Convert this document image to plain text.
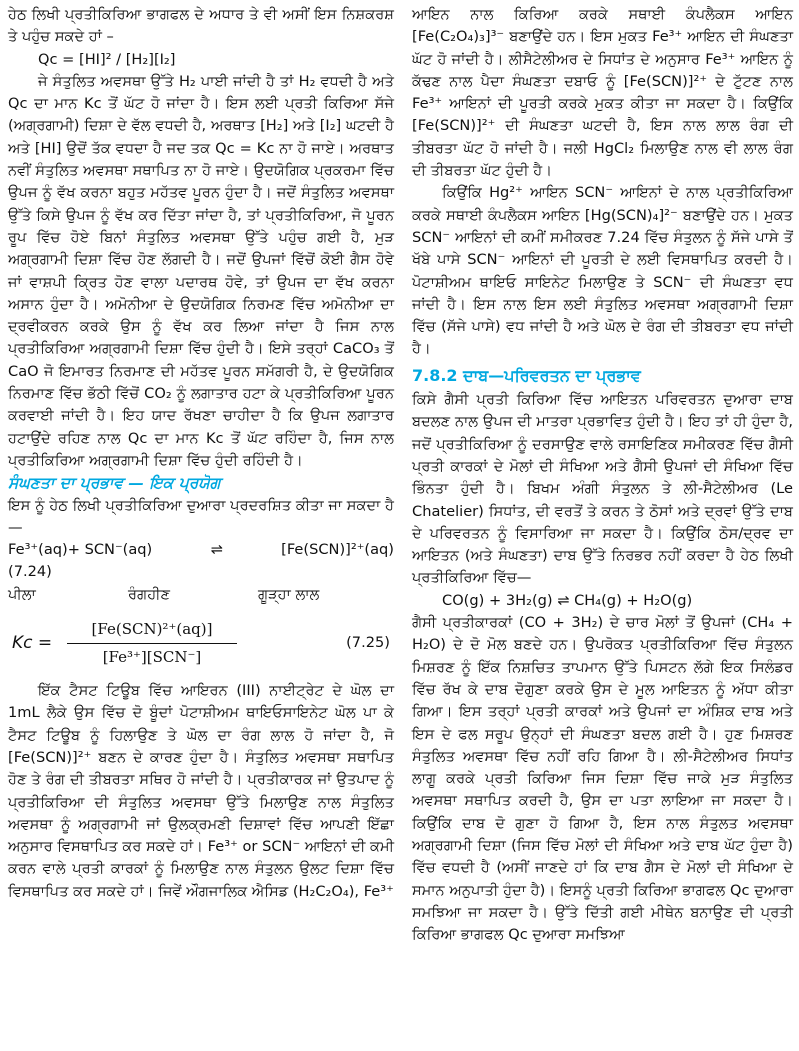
ਹੇਠ ਲਿਖੀ ਪ੍ਰਤੀਕਿਰਿਆ ਭਾਗਫਲ ਦੇ ਅਧਾਰ ਤੇ ਵੀ ਅਸੀਂ ਇਸ ਨਿਸ਼ਕਰਸ਼ ਤੇ ਪਹੁੰਚ ਸਕਦੇ ਹਾਂ –

Qc = [HI]² / [H₂][I₂]

ਜੇ ਸੰਤੁਲਿਤ ਅਵਸਥਾ ਉੱਤੇ H₂ ਪਾਈ ਜਾਂਦੀ ਹੈ ਤਾਂ H₂ ਵਧਦੀ ਹੈ ਅਤੇ Qc ਦਾ ਮਾਨ Kc ਤੋਂ ਘੱਟ ਹੋ ਜਾਂਦਾ ਹੈ। ਇਸ ਲਈ ਪ੍ਰਤੀ ਕਿਰਿਆ ਸੱਜੇ (ਅਗ੍ਰਗਾਮੀ) ਦਿਸ਼ਾ ਦੇ ਵੱਲ ਵਧਦੀ ਹੈ, ਅਰਥਾਤ [H₂] ਅਤੇ [I₂] ਘਟਦੀ ਹੈ ਅਤੇ [HI] ਉਦੋਂ ਤੱਕ ਵਧਦਾ ਹੈ ਜਦ ਤਕ Qc = Kc ਨਾ ਹੋ ਜਾਏ। ਅਰਥਾਤ ਨਵੀਂ ਸੰਤੁਲਿਤ ਅਵਸਥਾ ਸਥਾਪਿਤ ਨਾ ਹੋ ਜਾਏ। ਉਦਯੋਗਿਕ ਪ੍ਰਕਰਮਾ ਵਿੱਚ ਉਪਜ ਨੂੰ ਵੱਖ ਕਰਨਾ ਬਹੁਤ ਮਹੱਤਵ ਪੂਰਨ ਹੁੰਦਾ ਹੈ। ਜਦੋਂ ਸੰਤੁਲਿਤ ਅਵਸਥਾ ਉੱਤੇ ਕਿਸੇ ਉਪਜ ਨੂੰ ਵੱਖ ਕਰ ਦਿੱਤਾ ਜਾਂਦਾ ਹੈ, ਤਾਂ ਪ੍ਰਤੀਕਿਰਿਆ, ਜੋ ਪੂਰਨ ਰੂਪ ਵਿੱਚ ਹੋਏ ਬਿਨਾਂ ਸੰਤੁਲਿਤ ਅਵਸਥਾ ਉੱਤੇ ਪਹੁੰਚ ਗਈ ਹੈ, ਮੁੜ ਅਗ੍ਰਗਾਮੀ ਦਿਸ਼ਾ ਵਿੱਚ ਹੋਣ ਲੱਗਦੀ ਹੈ। ਜਦੋਂ ਉਪਜਾਂ ਵਿੱਚੋਂ ਕੋਈ ਗੈਸ ਹੋਵੇ ਜਾਂ ਵਾਸ਼ਪੀ ਕ੍ਰਿਤ ਹੋਣ ਵਾਲਾ ਪਦਾਰਥ ਹੋਵੇ, ਤਾਂ ਉਪਜ ਦਾ ਵੱਖ ਕਰਨਾ ਅਸਾਨ ਹੁੰਦਾ ਹੈ। ਅਮੋਨੀਆ ਦੇ ਉਦਯੋਗਿਕ ਨਿਰਮਣ ਵਿੱਚ ਅਮੋਨੀਆ ਦਾ ਦ੍ਰਵੀਕਰਨ ਕਰਕੇ ਉਸ ਨੂੰ ਵੱਖ ਕਰ ਲਿਆ ਜਾਂਦਾ ਹੈ ਜਿਸ ਨਾਲ ਪ੍ਰਤੀਕਿਰਿਆ ਅਗ੍ਰਗਾਮੀ ਦਿਸ਼ਾ ਵਿੱਚ ਹੁੰਦੀ ਹੈ। ਇਸੇ ਤਰ੍ਹਾਂ CaCO₃ ਤੋਂ CaO ਜੋ ਇਮਾਰਤ ਨਿਰਮਾਣ ਦੀ ਮਹੱਤਵ ਪੂਰਨ ਸਮੱਗਰੀ ਹੈ, ਦੇ ਉਦਯੋਗਿਕ ਨਿਰਮਾਣ ਵਿੱਚ ਭੱਠੀ ਵਿੱਚੋਂ CO₂ ਨੂੰ ਲਗਾਤਾਰ ਹਟਾ ਕੇ ਪ੍ਰਤੀਕਿਰਿਆ ਪੂਰਨ ਕਰਵਾਈ ਜਾਂਦੀ ਹੈ। ਇਹ ਯਾਦ ਰੱਖਣਾ ਚਾਹੀਦਾ ਹੈ ਕਿ ਉਪਜ ਲਗਾਤਾਰ ਹਟਾਉਂਦੇ ਰਹਿਣ ਨਾਲ Qc ਦਾ ਮਾਨ Kc ਤੋਂ ਘੱਟ ਰਹਿੰਦਾ ਹੈ, ਜਿਸ ਨਾਲ ਪ੍ਰਤੀਕਿਰਿਆ ਅਗ੍ਰਗਾਮੀ ਦਿਸ਼ਾ ਵਿੱਚ ਹੁੰਦੀ ਰਹਿੰਦੀ ਹੈ।

ਸੰਘਣਤਾ ਦਾ ਪ੍ਰਭਾਵ — ਇਕ ਪ੍ਰਯੋਗ

ਇਸ ਨੂੰ ਹੇਠ ਲਿਖੀ ਪ੍ਰਤੀਕਿਰਿਆ ਦੁਆਰਾ ਪ੍ਰਦਰਸ਼ਿਤ ਕੀਤਾ ਜਾ ਸਕਦਾ ਹੈ —

Fe³⁺(aq)+ SCN⁻(aq)	⇌	[Fe(SCN)]²⁺(aq)
(7.24)
ਪੀਲਾ	ਰੰਗਹੀਣ	ਗੂੜ੍ਹਾ ਲਾਲ
$Kc = \frac{\text{[Fe(SCN)²⁺(aq)]}}{\text{[Fe³⁺][SCN⁻]}}$	(7.25)

ਇੱਕ ਟੈਸਟ ਟਿਊਬ ਵਿੱਚ ਆਇਰਨ (III) ਨਾਈਟ੍ਰੇਟ ਦੇ ਘੋਲ ਦਾ 1mL ਲੈਕੇ ਉਸ ਵਿੱਚ ਦੋ ਬੂੰਦਾਂ ਪੋਟਾਸ਼ੀਅਮ ਥਾਇਓਸਾਇਨੇਟ ਘੋਲ ਪਾ ਕੇ ਟੈਸਟ ਟਿਊਬ ਨੂੰ ਹਿਲਾਉਣ ਤੇ ਘੋਲ ਦਾ ਰੰਗ ਲਾਲ ਹੋ ਜਾਂਦਾ ਹੈ, ਜੋ [Fe(SCN)]²⁺ ਬਣਨ ਦੇ ਕਾਰਣ ਹੁੰਦਾ ਹੈ। ਸੰਤੁਲਿਤ ਅਵਸਥਾ ਸਥਾਪਿਤ ਹੋਣ ਤੇ ਰੰਗ ਦੀ ਤੀਬਰਤਾ ਸਥਿਰ ਹੋ ਜਾਂਦੀ ਹੈ। ਪ੍ਰਤੀਕਾਰਕ ਜਾਂ ਉਤਪਾਦ ਨੂੰ ਪ੍ਰਤੀਕਿਰਿਆ ਦੀ ਸੰਤੁਲਿਤ ਅਵਸਥਾ ਉੱਤੇ ਮਿਲਾਉਣ ਨਾਲ ਸੰਤੁਲਿਤ ਅਵਸਥਾ ਨੂੰ ਅਗ੍ਰਗਾਮੀ ਜਾਂ ਉਲਕ੍ਰਮਣੀ ਦਿਸ਼ਾਵਾਂ ਵਿੱਚ ਆਪਣੀ ਇੱਛਾ ਅਨੁਸਾਰ ਵਿਸਥਾਪਿਤ ਕਰ ਸਕਦੇ ਹਾਂ। Fe³⁺ or SCN⁻ ਆਇਨਾਂ ਦੀ ਕਮੀ ਕਰਨ ਵਾਲੇ ਪ੍ਰਤੀ ਕਾਰਕਾਂ ਨੂੰ ਮਿਲਾਉਣ ਨਾਲ ਸੰਤੁਲਨ ਉਲਟ ਦਿਸ਼ਾ ਵਿੱਚ ਵਿਸਥਾਪਿਤ ਕਰ ਸਕਦੇ ਹਾਂ। ਜਿਵੇਂ ਔਗਜਾਲਿਕ ਐਸਿਡ (H₂C₂O₄), Fe³⁺

ਆਇਨ ਨਾਲ ਕਿਰਿਆ ਕਰਕੇ ਸਥਾਈ ਕੰਪਲੈਕਸ ਆਇਨ [Fe(C₂O₄)₃]³⁻ ਬਣਾਉਂਦੇ ਹਨ। ਇਸ ਮੁਕਤ Fe³⁺ ਆਇਨ ਦੀ ਸੰਘਣਤਾ ਘੱਟ ਹੋ ਜਾਂਦੀ ਹੈ। ਲੀਸੈਟੇਲੀਅਰ ਦੇ ਸਿਧਾਂਤ ਦੇ ਅਨੁਸਾਰ Fe³⁺ ਆਇਨ ਨੂੰ ਕੱਢਣ ਨਾਲ ਪੈਦਾ ਸੰਘਣਤਾ ਦਬਾਓ ਨੂੰ [Fe(SCN)]²⁺ ਦੇ ਟੁੱਟਣ ਨਾਲ Fe³⁺ ਆਇਨਾਂ ਦੀ ਪੂਰਤੀ ਕਰਕੇ ਮੁਕਤ ਕੀਤਾ ਜਾ ਸਕਦਾ ਹੈ। ਕਿਉਂਕਿ [Fe(SCN)]²⁺ ਦੀ ਸੰਘਣਤਾ ਘਟਦੀ ਹੈ, ਇਸ ਨਾਲ ਲਾਲ ਰੰਗ ਦੀ ਤੀਬਰਤਾ ਘੱਟ ਹੋ ਜਾਂਦੀ ਹੈ। ਜਲੀ HgCl₂ ਮਿਲਾਉਣ ਨਾਲ ਵੀ ਲਾਲ ਰੰਗ ਦੀ ਤੀਬਰਤਾ ਘੱਟ ਹੁੰਦੀ ਹੈ।

ਕਿਉਂਕਿ Hg²⁺ ਆਇਨ SCN⁻ ਆਇਨਾਂ ਦੇ ਨਾਲ ਪ੍ਰਤੀਕਿਰਿਆ ਕਰਕੇ ਸਥਾਈ ਕੰਪਲੈਕਸ ਆਇਨ [Hg(SCN)₄]²⁻ ਬਣਾਉਂਦੇ ਹਨ। ਮੁਕਤ SCN⁻ ਆਇਨਾਂ ਦੀ ਕਮੀਂ ਸਮੀਕਰਣ 7.24 ਵਿੱਚ ਸੰਤੁਲਨ ਨੂੰ ਸੱਜੇ ਪਾਸੇ ਤੋਂ ਖੱਬੇ ਪਾਸੇ SCN⁻ ਆਇਨਾਂ ਦੀ ਪੂਰਤੀ ਦੇ ਲਈ ਵਿਸਥਾਪਿਤ ਕਰਦੀ ਹੈ। ਪੋਟਾਸ਼ੀਅਮ ਥਾਇਓ ਸਾਇਨੇਟ ਮਿਲਾਉਣ ਤੇ SCN⁻ ਦੀ ਸੰਘਣਤਾ ਵਧ ਜਾਂਦੀ ਹੈ। ਇਸ ਨਾਲ ਇਸ ਲਈ ਸੰਤੁਲਿਤ ਅਵਸਥਾ ਅਗ੍ਰਗਾਮੀ ਦਿਸ਼ਾ ਵਿੱਚ (ਸੱਜੇ ਪਾਸੇ) ਵਧ ਜਾਂਦੀ ਹੈ ਅਤੇ ਘੋਲ ਦੇ ਰੰਗ ਦੀ ਤੀਬਰਤਾ ਵਧ ਜਾਂਦੀ ਹੈ।

7.8.2 ਦਾਬ—ਪਰਿਵਰਤਨ ਦਾ ਪ੍ਰਭਾਵ

ਕਿਸੇ ਗੈਸੀ ਪ੍ਰਤੀ ਕਿਰਿਆ ਵਿੱਚ ਆਇਤਨ ਪਰਿਵਰਤਨ ਦੁਆਰਾ ਦਾਬ ਬਦਲਣ ਨਾਲ ਉਪਜ ਦੀ ਮਾਤਰਾ ਪ੍ਰਭਾਵਿਤ ਹੁੰਦੀ ਹੈ। ਇਹ ਤਾਂ ਹੀ ਹੁੰਦਾ ਹੈ, ਜਦੋਂ ਪ੍ਰਤੀਕਿਰਿਆ ਨੂੰ ਦਰਸਾਉਣ ਵਾਲੇ ਰਸਾਇਣਿਕ ਸਮੀਕਰਣ ਵਿੱਚ ਗੈਸੀ ਪ੍ਰਤੀ ਕਾਰਕਾਂ ਦੇ ਮੋਲਾਂ ਦੀ ਸੰਖਿਆ ਅਤੇ ਗੈਸੀ ਉਪਜਾਂ ਦੀ ਸੰਖਿਆ ਵਿੱਚ ਭਿੰਨਤਾ ਹੁੰਦੀ ਹੈ। ਬਿਖਮ ਅੰਗੀ ਸੰਤੁਲਨ ਤੇ ਲੀ-ਸੈਟੇਲੀਅਰ (Le Chatelier) ਸਿਧਾਂਤ, ਦੀ ਵਰਤੋਂ ਤੇ ਕਰਨ ਤੇ ਠੋਸਾਂ ਅਤੇ ਦ੍ਰਵਾਂ ਉੱਤੇ ਦਾਬ ਦੇ ਪਰਿਵਰਤਨ ਨੂੰ ਵਿਸਾਰਿਆ ਜਾ ਸਕਦਾ ਹੈ। ਕਿਉਂਕਿ ਠੋਸ/ਦ੍ਰਵ ਦਾ ਆਇਤਨ (ਅਤੇ ਸੰਘਣਤਾ) ਦਾਬ ਉੱਤੇ ਨਿਰਭਰ ਨਹੀਂ ਕਰਦਾ ਹੈ ਹੇਠ ਲਿਖੀ ਪ੍ਰਤੀਕਿਰਿਆ ਵਿੱਚ—

CO(g) + 3H₂(g) ⇌ CH₄(g) + H₂O(g)

ਗੈਸੀ ਪ੍ਰਤੀਕਾਰਕਾਂ (CO + 3H₂) ਦੇ ਚਾਰ ਮੋਲਾਂ ਤੋਂ ਉਪਜਾਂ (CH₄ + H₂O) ਦੇ ਦੋ ਮੋਲ ਬਣਦੇ ਹਨ। ਉਪਰੋਕਤ ਪ੍ਰਤੀਕਿਰਿਆ ਵਿੱਚ ਸੰਤੁਲਨ ਮਿਸ਼ਰਣ ਨੂੰ ਇੱਕ ਨਿਸ਼ਚਿਤ ਤਾਪਮਾਨ ਉੱਤੇ ਪਿਸਟਨ ਲੱਗੇ ਇਕ ਸਿਲੰਡਰ ਵਿੱਚ ਰੱਖ ਕੇ ਦਾਬ ਦੋਗੁਣਾ ਕਰਕੇ ਉਸ ਦੇ ਮੂਲ ਆਇਤਨ ਨੂੰ ਅੱਧਾ ਕੀਤਾ ਗਿਆ। ਇਸ ਤਰ੍ਹਾਂ ਪ੍ਰਤੀ ਕਾਰਕਾਂ ਅਤੇ ਉਪਜਾਂ ਦਾ ਅੰਸ਼ਿਕ ਦਾਬ ਅਤੇ ਇਸ ਦੇ ਫਲ ਸਰੂਪ ਉਨ੍ਹਾਂ ਦੀ ਸੰਘਣਤਾ ਬਦਲ ਗਈ ਹੈ। ਹੁਣ ਮਿਸ਼ਰਣ ਸੰਤੁਲਿਤ ਅਵਸਥਾ ਵਿੱਚ ਨਹੀਂ ਰਹਿ ਗਿਆ ਹੈ। ਲੀ-ਸੈਟੇਲੀਅਰ ਸਿਧਾਂਤ ਲਾਗੂ ਕਰਕੇ ਪ੍ਰਤੀ ਕਿਰਿਆ ਜਿਸ ਦਿਸ਼ਾ ਵਿੱਚ ਜਾਕੇ ਮੁੜ ਸੰਤੁਲਿਤ ਅਵਸਥਾ ਸਥਾਪਿਤ ਕਰਦੀ ਹੈ, ਉਸ ਦਾ ਪਤਾ ਲਾਇਆ ਜਾ ਸਕਦਾ ਹੈ। ਕਿਉਂਕਿ ਦਾਬ ਦੋ ਗੁਣਾ ਹੋ ਗਿਆ ਹੈ, ਇਸ ਨਾਲ ਸੰਤੁਲਤ ਅਵਸਥਾ ਅਗ੍ਰਗਾਮੀ ਦਿਸ਼ਾ (ਜਿਸ ਵਿੱਚ ਮੋਲਾਂ ਦੀ ਸੰਖਿਆ ਅਤੇ ਦਾਬ ਘੱਟ ਹੁੰਦਾ ਹੈ) ਵਿੱਚ ਵਧਦੀ ਹੈ (ਅਸੀਂ ਜਾਣਦੇ ਹਾਂ ਕਿ ਦਾਬ ਗੈਸ ਦੇ ਮੋਲਾਂ ਦੀ ਸੰਖਿਆ ਦੇ ਸਮਾਨ ਅਨੁਪਾਤੀ ਹੁੰਦਾ ਹੈ)। ਇਸਨੂੰ ਪ੍ਰਤੀ ਕਿਰਿਆ ਭਾਗਫਲ Qc ਦੁਆਰਾ ਸਮਝਿਆ ਜਾ ਸਕਦਾ ਹੈ। ਉੱਤੇ ਦਿੱਤੀ ਗਈ ਮੀਥੇਨ ਬਨਾਉਣ ਦੀ ਪ੍ਰਤੀ ਕਿਰਿਆ ਭਾਗਫਲ Qc ਦੁਆਰਾ ਸਮਝਿਆ
